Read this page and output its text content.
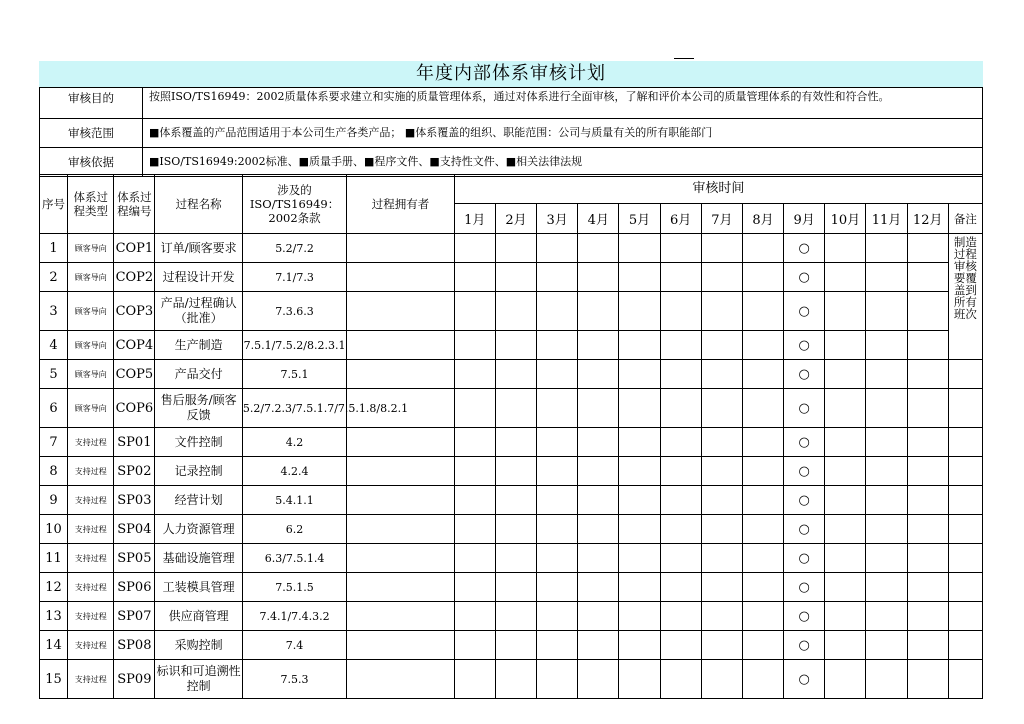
年度内部体系审核计划
审核目的	按照ISO/TS16949：2002质量体系要求建立和实施的质量管理体系，通过对体系进行全面审核，了解和评价本公司的质量管理体系的有效性和符合性。
审核范围	■体系覆盖的产品范围适用于本公司生产各类产品； ■体系覆盖的组织、职能范围：公司与质量有关的所有职能部门
审核依据	■ISO/TS16949:2002标准、■质量手册、■程序文件、■支持性文件、■相关法律法规
序号	体系过程类型	体系过程编号	过程名称	涉及的ISO/TS16949：2002条款	过程拥有者	审核时间												
						1月	2月	3月	4月	5月	6月	7月	8月	9月	10月	11月	12月	备注
1	顾客导向	COP1	订单/顾客要求	5.2/7.2										○				制造过程审核要覆盖到所有班次
2	顾客导向	COP2	过程设计开发	7.1/7.3										○				
3	顾客导向	COP3	产品/过程确认（批准）	7.3.6.3										○				
4	顾客导向	COP4	生产制造	7.5.1/7.5.2/8.2.3.1										○				
5	顾客导向	COP5	产品交付	7.5.1										○				
6	顾客导向	COP6	售后服务/顾客反馈	5.2/7.2.3/7.5.1.7/7.5.1.8/8.2.1										○				
7	支持过程	SP01	文件控制	4.2										○				
8	支持过程	SP02	记录控制	4.2.4										○				
9	支持过程	SP03	经营计划	5.4.1.1										○				
10	支持过程	SP04	人力资源管理	6.2										○				
11	支持过程	SP05	基础设施管理	6.3/7.5.1.4										○				
12	支持过程	SP06	工装模具管理	7.5.1.5										○				
13	支持过程	SP07	供应商管理	7.4.1/7.4.3.2										○				
14	支持过程	SP08	采购控制	7.4										○				
15	支持过程	SP09	标识和可追溯性控制	7.5.3										○				
